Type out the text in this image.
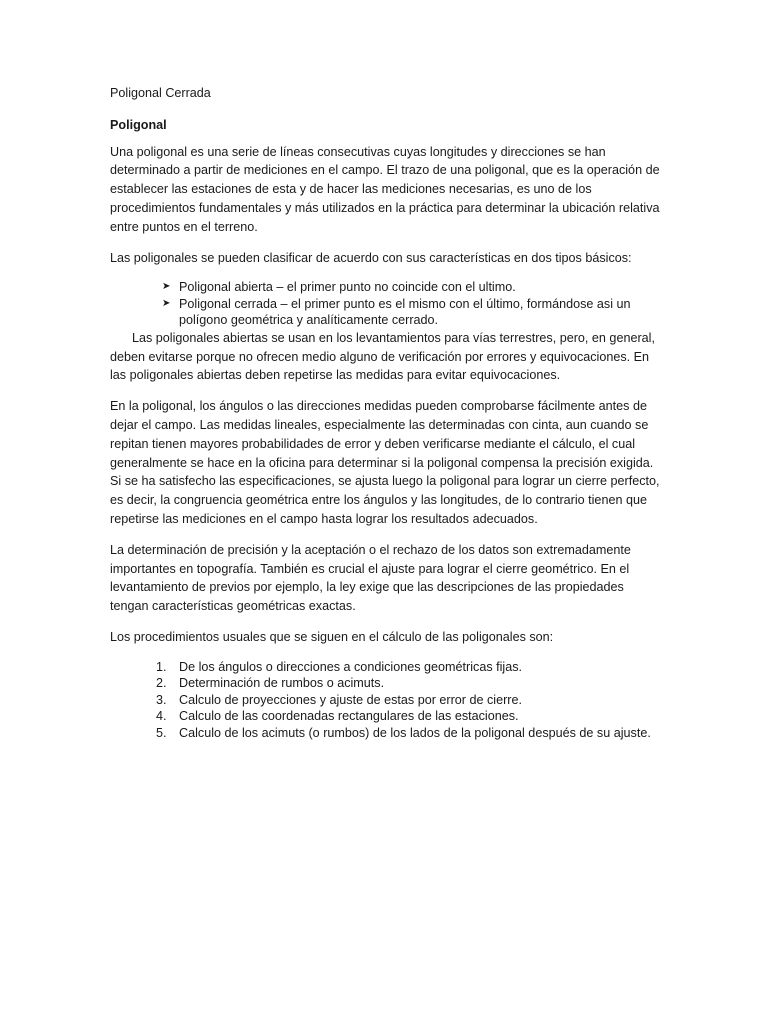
Poligonal Cerrada
Poligonal

Una poligonal es una serie de líneas consecutivas cuyas longitudes y direcciones se han determinado a partir de mediciones en el campo. El trazo de una poligonal, que es la operación de establecer las estaciones de esta y de hacer las mediciones necesarias, es uno de los procedimientos fundamentales y más utilizados en la práctica para determinar la ubicación relativa entre puntos en el terreno.

Las poligonales se pueden clasificar de acuerdo con sus características en dos tipos básicos:

➤ Poligonal abierta – el primer punto no coincide con el ultimo.
➤ Poligonal cerrada – el primer punto es el mismo con el último, formándose asi un polígono geométrica y analíticamente cerrado.

Las poligonales abiertas se usan en los levantamientos para vías terrestres, pero, en general, deben evitarse porque no ofrecen medio alguno de verificación por errores y equivocaciones. En las poligonales abiertas deben repetirse las medidas para evitar equivocaciones.

En la poligonal, los ángulos o las direcciones medidas pueden comprobarse fácilmente antes de dejar el campo. Las medidas lineales, especialmente las determinadas con cinta, aun cuando se repitan tienen mayores probabilidades de error y deben verificarse mediante el cálculo, el cual generalmente se hace en la oficina para determinar si la poligonal compensa la precisión exigida. Si se ha satisfecho las especificaciones, se ajusta luego la poligonal para lograr un cierre perfecto, es decir, la congruencia geométrica entre los ángulos y las longitudes, de lo contrario tienen que repetirse las mediciones en el campo hasta lograr los resultados adecuados.

La determinación de precisión y la aceptación o el rechazo de los datos son extremadamente importantes en topografía. También es crucial el ajuste para lograr el cierre geométrico. En el levantamiento de previos por ejemplo, la ley exige que las descripciones de las propiedades tengan características geométricas exactas.

Los procedimientos usuales que se siguen en el cálculo de las poligonales son:

1. De los ángulos o direcciones a condiciones geométricas fijas.
2. Determinación de rumbos o acimuts.
3. Calculo de proyecciones y ajuste de estas por error de cierre.
4. Calculo de las coordenadas rectangulares de las estaciones.
5. Calculo de los acimuts (o rumbos) de los lados de la poligonal después de su ajuste.
